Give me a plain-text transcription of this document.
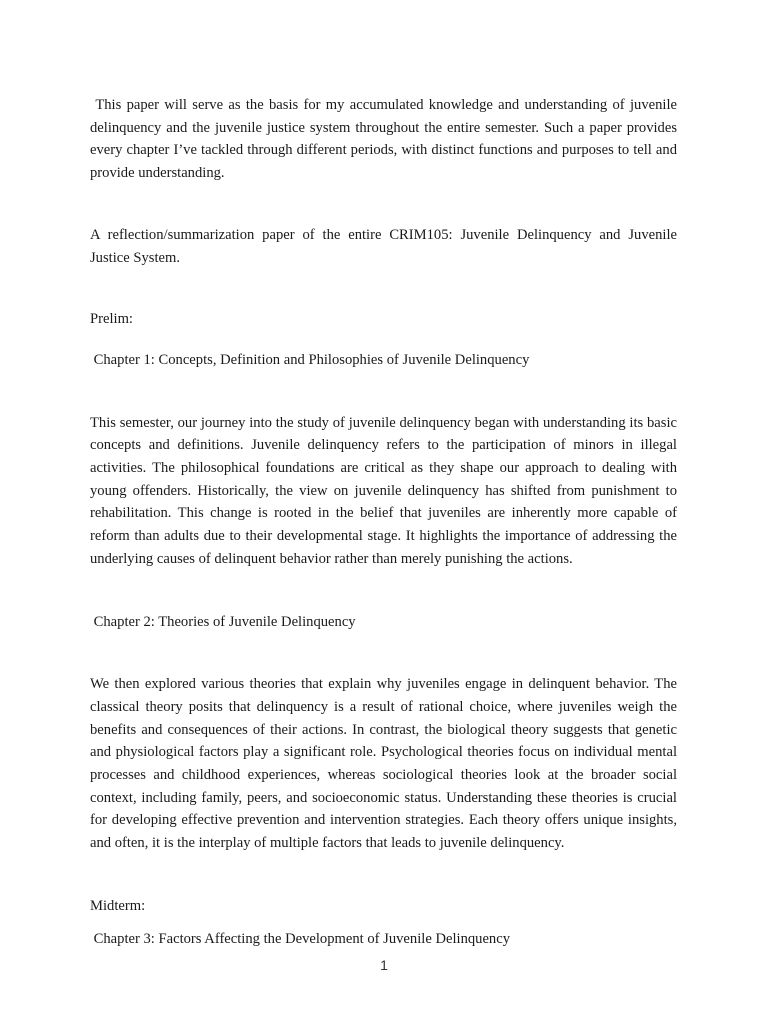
This paper will serve as the basis for my accumulated knowledge and understanding of juvenile delinquency and the juvenile justice system throughout the entire semester. Such a paper provides every chapter I’ve tackled through different periods, with distinct functions and purposes to tell and provide understanding.

A reflection/summarization paper of the entire CRIM105: Juvenile Delinquency and Juvenile Justice System.

Prelim:

Chapter 1: Concepts, Definition and Philosophies of Juvenile Delinquency

This semester, our journey into the study of juvenile delinquency began with understanding its basic concepts and definitions. Juvenile delinquency refers to the participation of minors in illegal activities. The philosophical foundations are critical as they shape our approach to dealing with young offenders. Historically, the view on juvenile delinquency has shifted from punishment to rehabilitation. This change is rooted in the belief that juveniles are inherently more capable of reform than adults due to their developmental stage. It highlights the importance of addressing the underlying causes of delinquent behavior rather than merely punishing the actions.

Chapter 2: Theories of Juvenile Delinquency

We then explored various theories that explain why juveniles engage in delinquent behavior. The classical theory posits that delinquency is a result of rational choice, where juveniles weigh the benefits and consequences of their actions. In contrast, the biological theory suggests that genetic and physiological factors play a significant role. Psychological theories focus on individual mental processes and childhood experiences, whereas sociological theories look at the broader social context, including family, peers, and socioeconomic status. Understanding these theories is crucial for developing effective prevention and intervention strategies. Each theory offers unique insights, and often, it is the interplay of multiple factors that leads to juvenile delinquency.

Midterm:

Chapter 3: Factors Affecting the Development of Juvenile Delinquency

1
